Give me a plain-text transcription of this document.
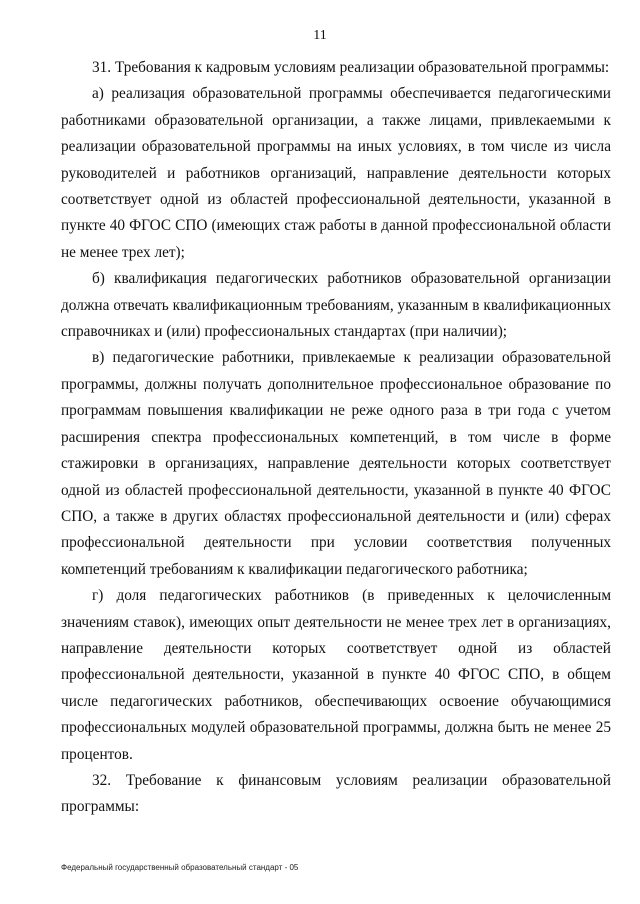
11

31. Требования к кадровым условиям реализации образовательной программы:

а) реализация образовательной программы обеспечивается педагогическими работниками образовательной организации, а также лицами, привлекаемыми к реализации образовательной программы на иных условиях, в том числе из числа руководителей и работников организаций, направление деятельности которых соответствует одной из областей профессиональной деятельности, указанной в пункте 40 ФГОС СПО (имеющих стаж работы в данной профессиональной области не менее трех лет);

б) квалификация педагогических работников образовательной организации должна отвечать квалификационным требованиям, указанным в квалификационных справочниках и (или) профессиональных стандартах (при наличии);

в) педагогические работники, привлекаемые к реализации образовательной программы, должны получать дополнительное профессиональное образование по программам повышения квалификации не реже одного раза в три года с учетом расширения спектра профессиональных компетенций, в том числе в форме стажировки в организациях, направление деятельности которых соответствует одной из областей профессиональной деятельности, указанной в пункте 40 ФГОС СПО, а также в других областях профессиональной деятельности и (или) сферах профессиональной деятельности при условии соответствия полученных компетенций требованиям к квалификации педагогического работника;

г) доля педагогических работников (в приведенных к целочисленным значениям ставок), имеющих опыт деятельности не менее трех лет в организациях, направление деятельности которых соответствует одной из областей профессиональной деятельности, указанной в пункте 40 ФГОС СПО, в общем числе педагогических работников, обеспечивающих освоение обучающимися профессиональных модулей образовательной программы, должна быть не менее 25 процентов.

32. Требование к финансовым условиям реализации образовательной программы:

Федеральный государственный образовательный стандарт - 05
